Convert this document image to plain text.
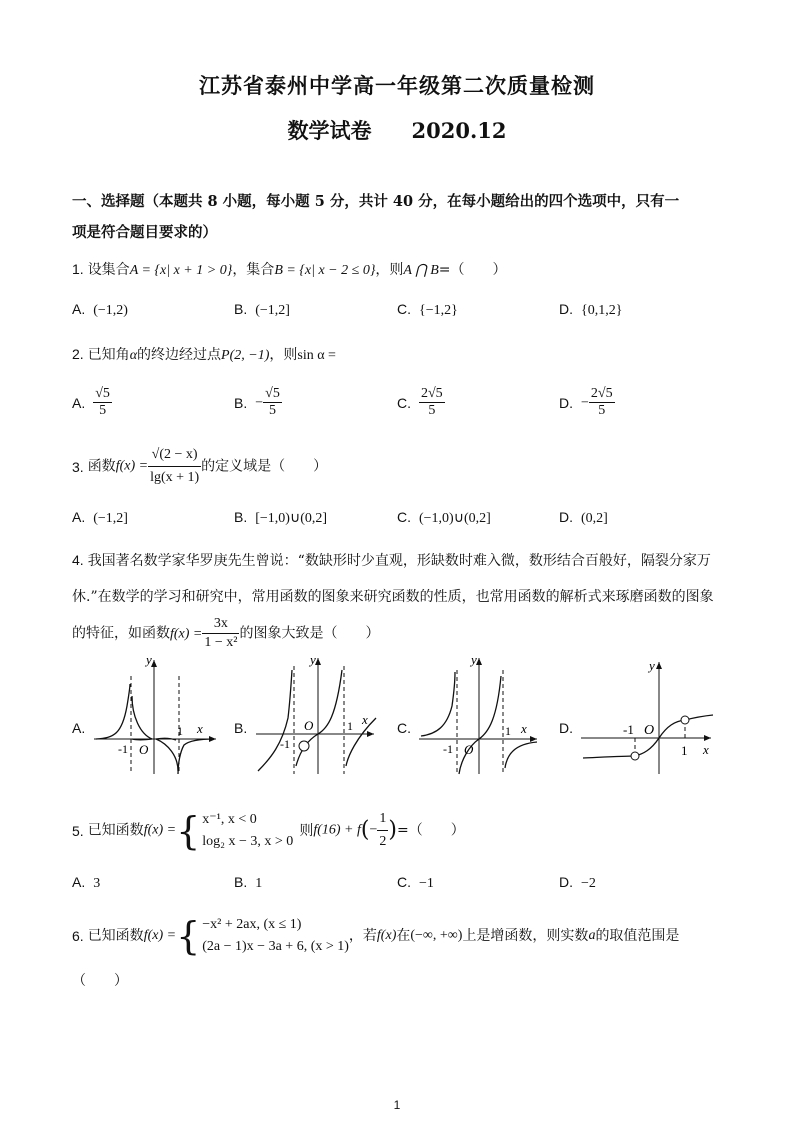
江苏省泰州中学高一年级第二次质量检测
数学试卷 2020.12
一、选择题（本题共 8 小题，每小题 5 分，共计 40 分，在每小题给出的四个选项中，只有一
项是符合题目要求的）
1. 设集合A = {x| x + 1 > 0}，集合B = {x| x − 2 ≤ 0}，则A ⋂ B=（　　）
A. (−1,2)	B. (−1,2]	C. {−1,2}	D. {0,1,2}
2. 已知角α的终边经过点P(2, −1)，则sin α =
A. $\frac{√5}{5}$	B. − $\frac{√5}{5}$	C. $\frac{2√5}{5}$	D. − $\frac{2√5}{5}$
3. 函数$f(x) = \frac{√(2 - x)}{\lg(x + 1)}$ 的定义域是（　　）
A. (−1,2]	B. [−1,0)∪(0,2]	C. (−1,0)∪(0,2]	D. (0,2]
4. 我国著名数学家华罗庚先生曾说：“数缺形时少直观，形缺数时难入微，数形结合百般好，隔裂分家万
休.”在数学的学习和研究中，常用函数的图象来研究函数的性质，也常用函数的解析式来琢磨函数的图象
的特征，如函数$f(x) = \frac{3x}{\text{1 − x²}}$ 的图象大致是（　　）
A.
y
x
-1
1
O
B.
y
x
-1
1
O	C.
y
x
-1
1
O
D.
y
x
-1
1
O
5. 已知函数f(x) ={ x⁻¹, x < 0
log₂ x − 3, x > 0
则$f(16) + f(- \frac{1}{2}$ )=（　　）
A. 3	B. 1	C. −1	D. −2
6. 已知函数f(x) ={ −x² + 2ax, (x ≤ 1)
(2a − 1)x − 3a + 6, (x > 1)
，若f(x)在(−∞, +∞)上是增函数，则实数a的取值范围是
（　　）
1
